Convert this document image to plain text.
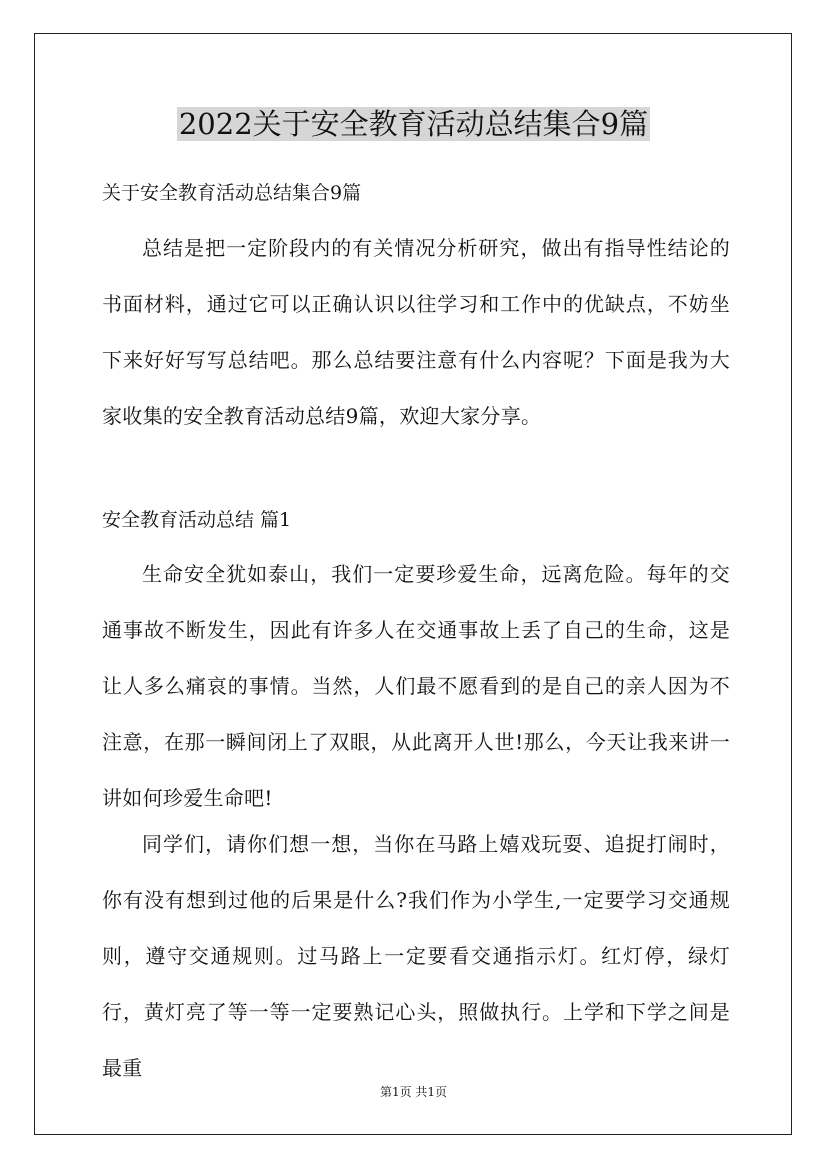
2022关于安全教育活动总结集合9篇
关于安全教育活动总结集合9篇
总结是把一定阶段内的有关情况分析研究，做出有指导性结论的书面材料，通过它可以正确认识以往学习和工作中的优缺点，不妨坐下来好好写写总结吧。那么总结要注意有什么内容呢？下面是我为大家收集的安全教育活动总结9篇，欢迎大家分享。
安全教育活动总结 篇1
生命安全犹如泰山，我们一定要珍爱生命，远离危险。每年的交通事故不断发生，因此有许多人在交通事故上丢了自己的生命，这是让人多么痛哀的事情。当然，人们最不愿看到的是自己的亲人因为不注意，在那一瞬间闭上了双眼，从此离开人世!那么，今天让我来讲一讲如何珍爱生命吧!
同学们，请你们想一想，当你在马路上嬉戏玩耍、追捉打闹时，你有没有想到过他的后果是什么?我们作为小学生,一定要学习交通规则，遵守交通规则。过马路上一定要看交通指示灯。红灯停，绿灯行，黄灯亮了等一等一定要熟记心头，照做执行。上学和下学之间是最重
第1页 共1页
